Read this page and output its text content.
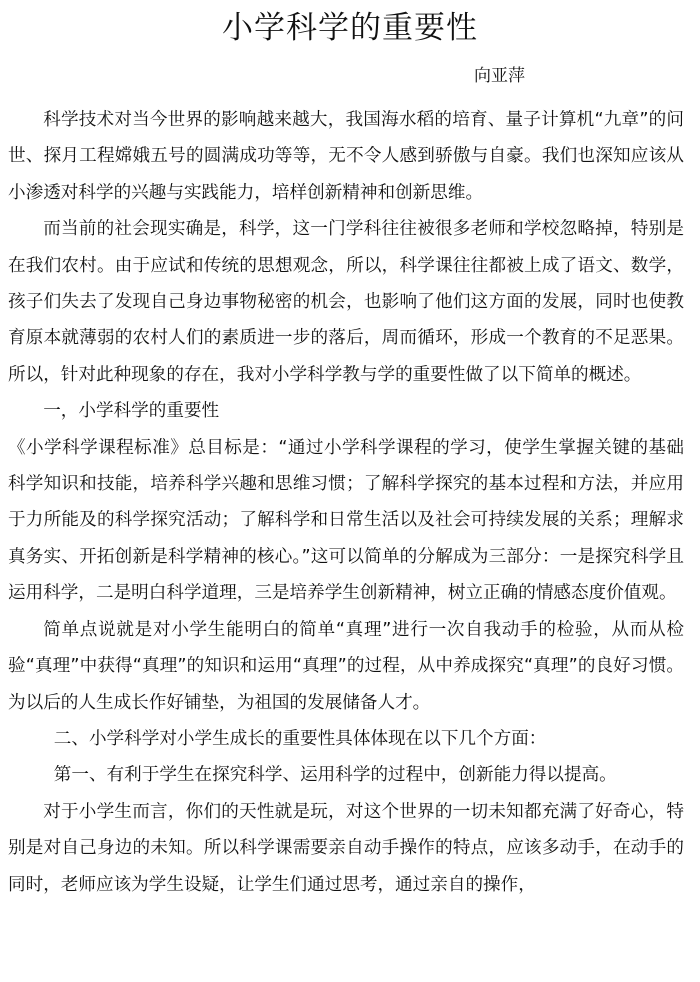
小学科学的重要性
向亚萍

科学技术对当今世界的影响越来越大，我国海水稻的培育、量子计算机“九章”的问世、探月工程嫦娥五号的圆满成功等等，无不令人感到骄傲与自豪。我们也深知应该从小渗透对科学的兴趣与实践能力，培样创新精神和创新思维。

而当前的社会现实确是，科学，这一门学科往往被很多老师和学校忽略掉，特别是在我们农村。由于应试和传统的思想观念，所以，科学课往往都被上成了语文、数学，孩子们失去了发现自己身边事物秘密的机会，也影响了他们这方面的发展，同时也使教育原本就薄弱的农村人们的素质进一步的落后，周而循环，形成一个教育的不足恶果。所以，针对此种现象的存在，我对小学科学教与学的重要性做了以下简单的概述。

一，小学科学的重要性

《小学科学课程标准》总目标是：“通过小学科学课程的学习，使学生掌握关键的基础科学知识和技能，培养科学兴趣和思维习惯；了解科学探究的基本过程和方法，并应用于力所能及的科学探究活动；了解科学和日常生活以及社会可持续发展的关系；理解求真务实、开拓创新是科学精神的核心。”这可以简单的分解成为三部分：一是探究科学且运用科学，二是明白科学道理，三是培养学生创新精神，树立正确的情感态度价值观。

简单点说就是对小学生能明白的简单“真理”进行一次自我动手的检验，从而从检验“真理”中获得“真理”的知识和运用“真理”的过程，从中养成探究“真理”的良好习惯。为以后的人生成长作好铺垫，为祖国的发展储备人才。

二、小学科学对小学生成长的重要性具体体现在以下几个方面：

第一、有利于学生在探究科学、运用科学的过程中，创新能力得以提高。

对于小学生而言，你们的天性就是玩，对这个世界的一切未知都充满了好奇心，特别是对自己身边的未知。所以科学课需要亲自动手操作的特点，应该多动手，在动手的同时，老师应该为学生设疑，让学生们通过思考，通过亲自的操作，
